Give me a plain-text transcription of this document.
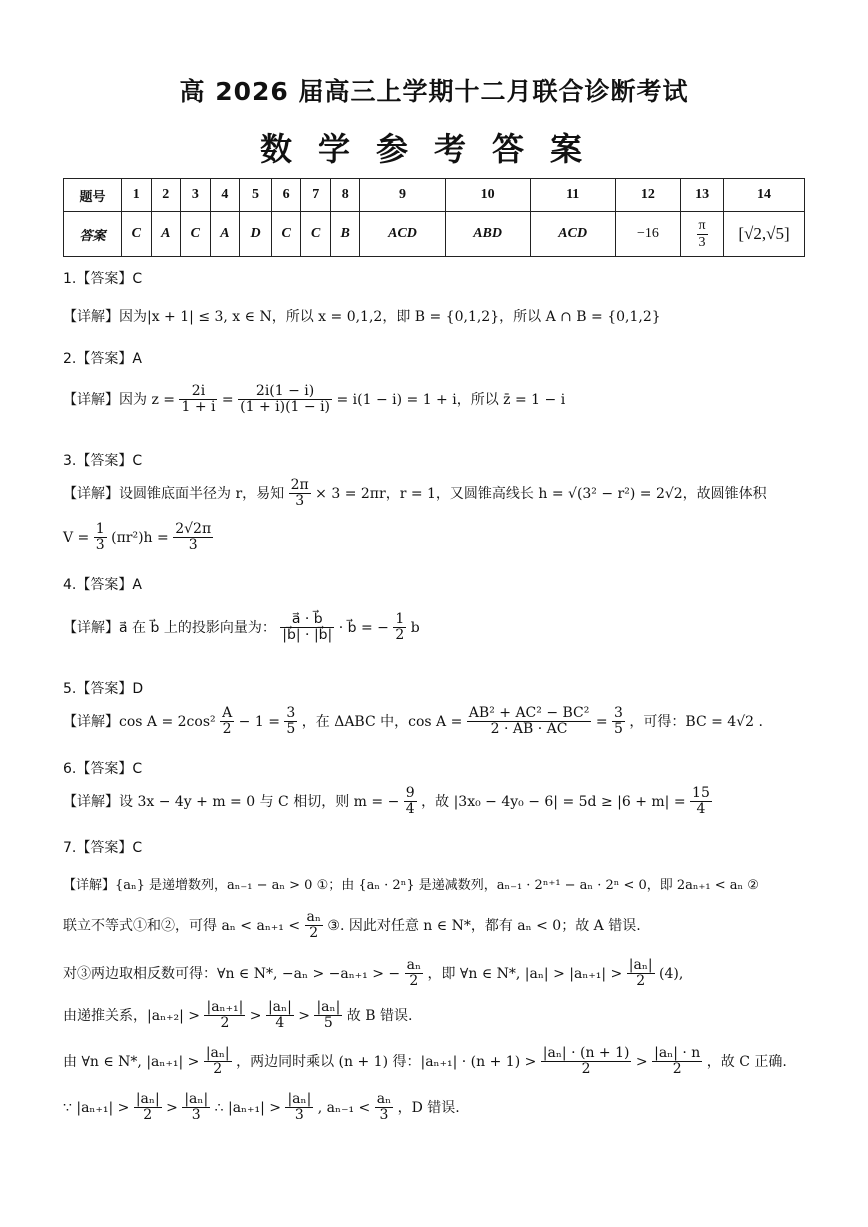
高 2026 届高三上学期十二月联合诊断考试
数学参考答案
题号	1	2	3	4	5	6	7	8	9	10	11	12	13	14
答案	C	A	C	A	D	C	C	B	ACD	ABD	ACD	−16	$\frac{\pi}{3}$	[√2,√5]
1.【答案】C
【详解】因为|x + 1| ≤ 3, x ∈ N，所以 x = 0,1,2，即 B = {0,1,2}，所以 A ∩ B = {0,1,2}
2.【答案】A
【详解】因为 $z = \frac{2i}{1 + i} = \frac{2i(1 - i)}{(1 + i)(1 - i)} = i(1 - i) = 1 + i$，所以 z̄ = 1 − i
3.【答案】C
【详解】设圆锥底面半径为 r，易知 $\frac{2\pi}{3} \times 3 = 2\pi r$，r = 1，又圆锥高线长 h = √(3² − r²) = 2√2，故圆锥体积
$V = \frac{1}{3} (\pi r^2)h = \frac{2√2\pi}{3}$
4.【答案】A
【详解】a⃗ 在 b⃗ 上的投影向量为： $\frac{a⃗ \cdot b⃗}{|b⃗| \cdot |b⃗|}$ · b⃗ = − $\frac{1}{2}$ b
5.【答案】D
【详解】$\cos A = 2\cos^2 \frac{A}{2} - 1 = \frac{3}{5}$ ，在 ΔABC 中，$\cos A = \frac{\text{AB² + AC² − BC²}}{2 \cdot AB \cdot AC} = \frac{3}{5}$ ，可得：BC = 4√2 .
6.【答案】C
【详解】设 3x − 4y + m = 0 与 C 相切，则 m = − $\frac{9}{4}$ ，故 $|3x_0 - 4y_0 - 6| = 5d \ge |6 + m| = \frac{15}{4}$
7.【答案】C
【详解】{aₙ} 是递增数列，aₙ₋₁ − aₙ > 0 ①；由 {aₙ · 2ⁿ} 是递减数列，aₙ₋₁ · 2ⁿ⁺¹ − aₙ · 2ⁿ < 0，即 2aₙ₊₁ < aₙ ②
联立不等式①和②，可得 $a_n < a_{n+1} < \frac{\text{aₙ}}{2}$ ③. 因此对任意 n ∈ N*，都有 aₙ < 0；故 A 错误.
对③两边取相反数可得：∀n ∈ N*, −aₙ > −aₙ₊₁ > − $\frac{\text{aₙ}}{2}$ ，即 ∀n ∈ N*, $|a_n| > |a_{n+1}| > \frac{\text{|aₙ|}}{2} (4)$,
由递推关系，$|a_{n+2}| > \frac{\text{|aₙ₊₁|}}{2} > \frac{\text{|aₙ|}}{4} > \frac{\text{|aₙ|}}{5}$ 故 B 错误.
由 ∀n ∈ N*, $|a_{n+1}| > \frac{\text{|aₙ|}}{2}$ ，两边同时乘以 (n + 1) 得：$|a_{n+1}| \cdot (n + 1) > \frac{\text{|aₙ| · (n + 1)}}{2} > \frac{\text{|aₙ| · n}}{2}$ ，故 C 正确.
∵ $|a_{n+1}| > \frac{\text{|aₙ|}}{2} > \frac{\text{|aₙ|}}{3}$ ∴ $|a_{n+1}| > \frac{\text{|aₙ|}}{3}$ , $a_{n-1} < \frac{\text{aₙ}}{3}$ ，D 错误.
